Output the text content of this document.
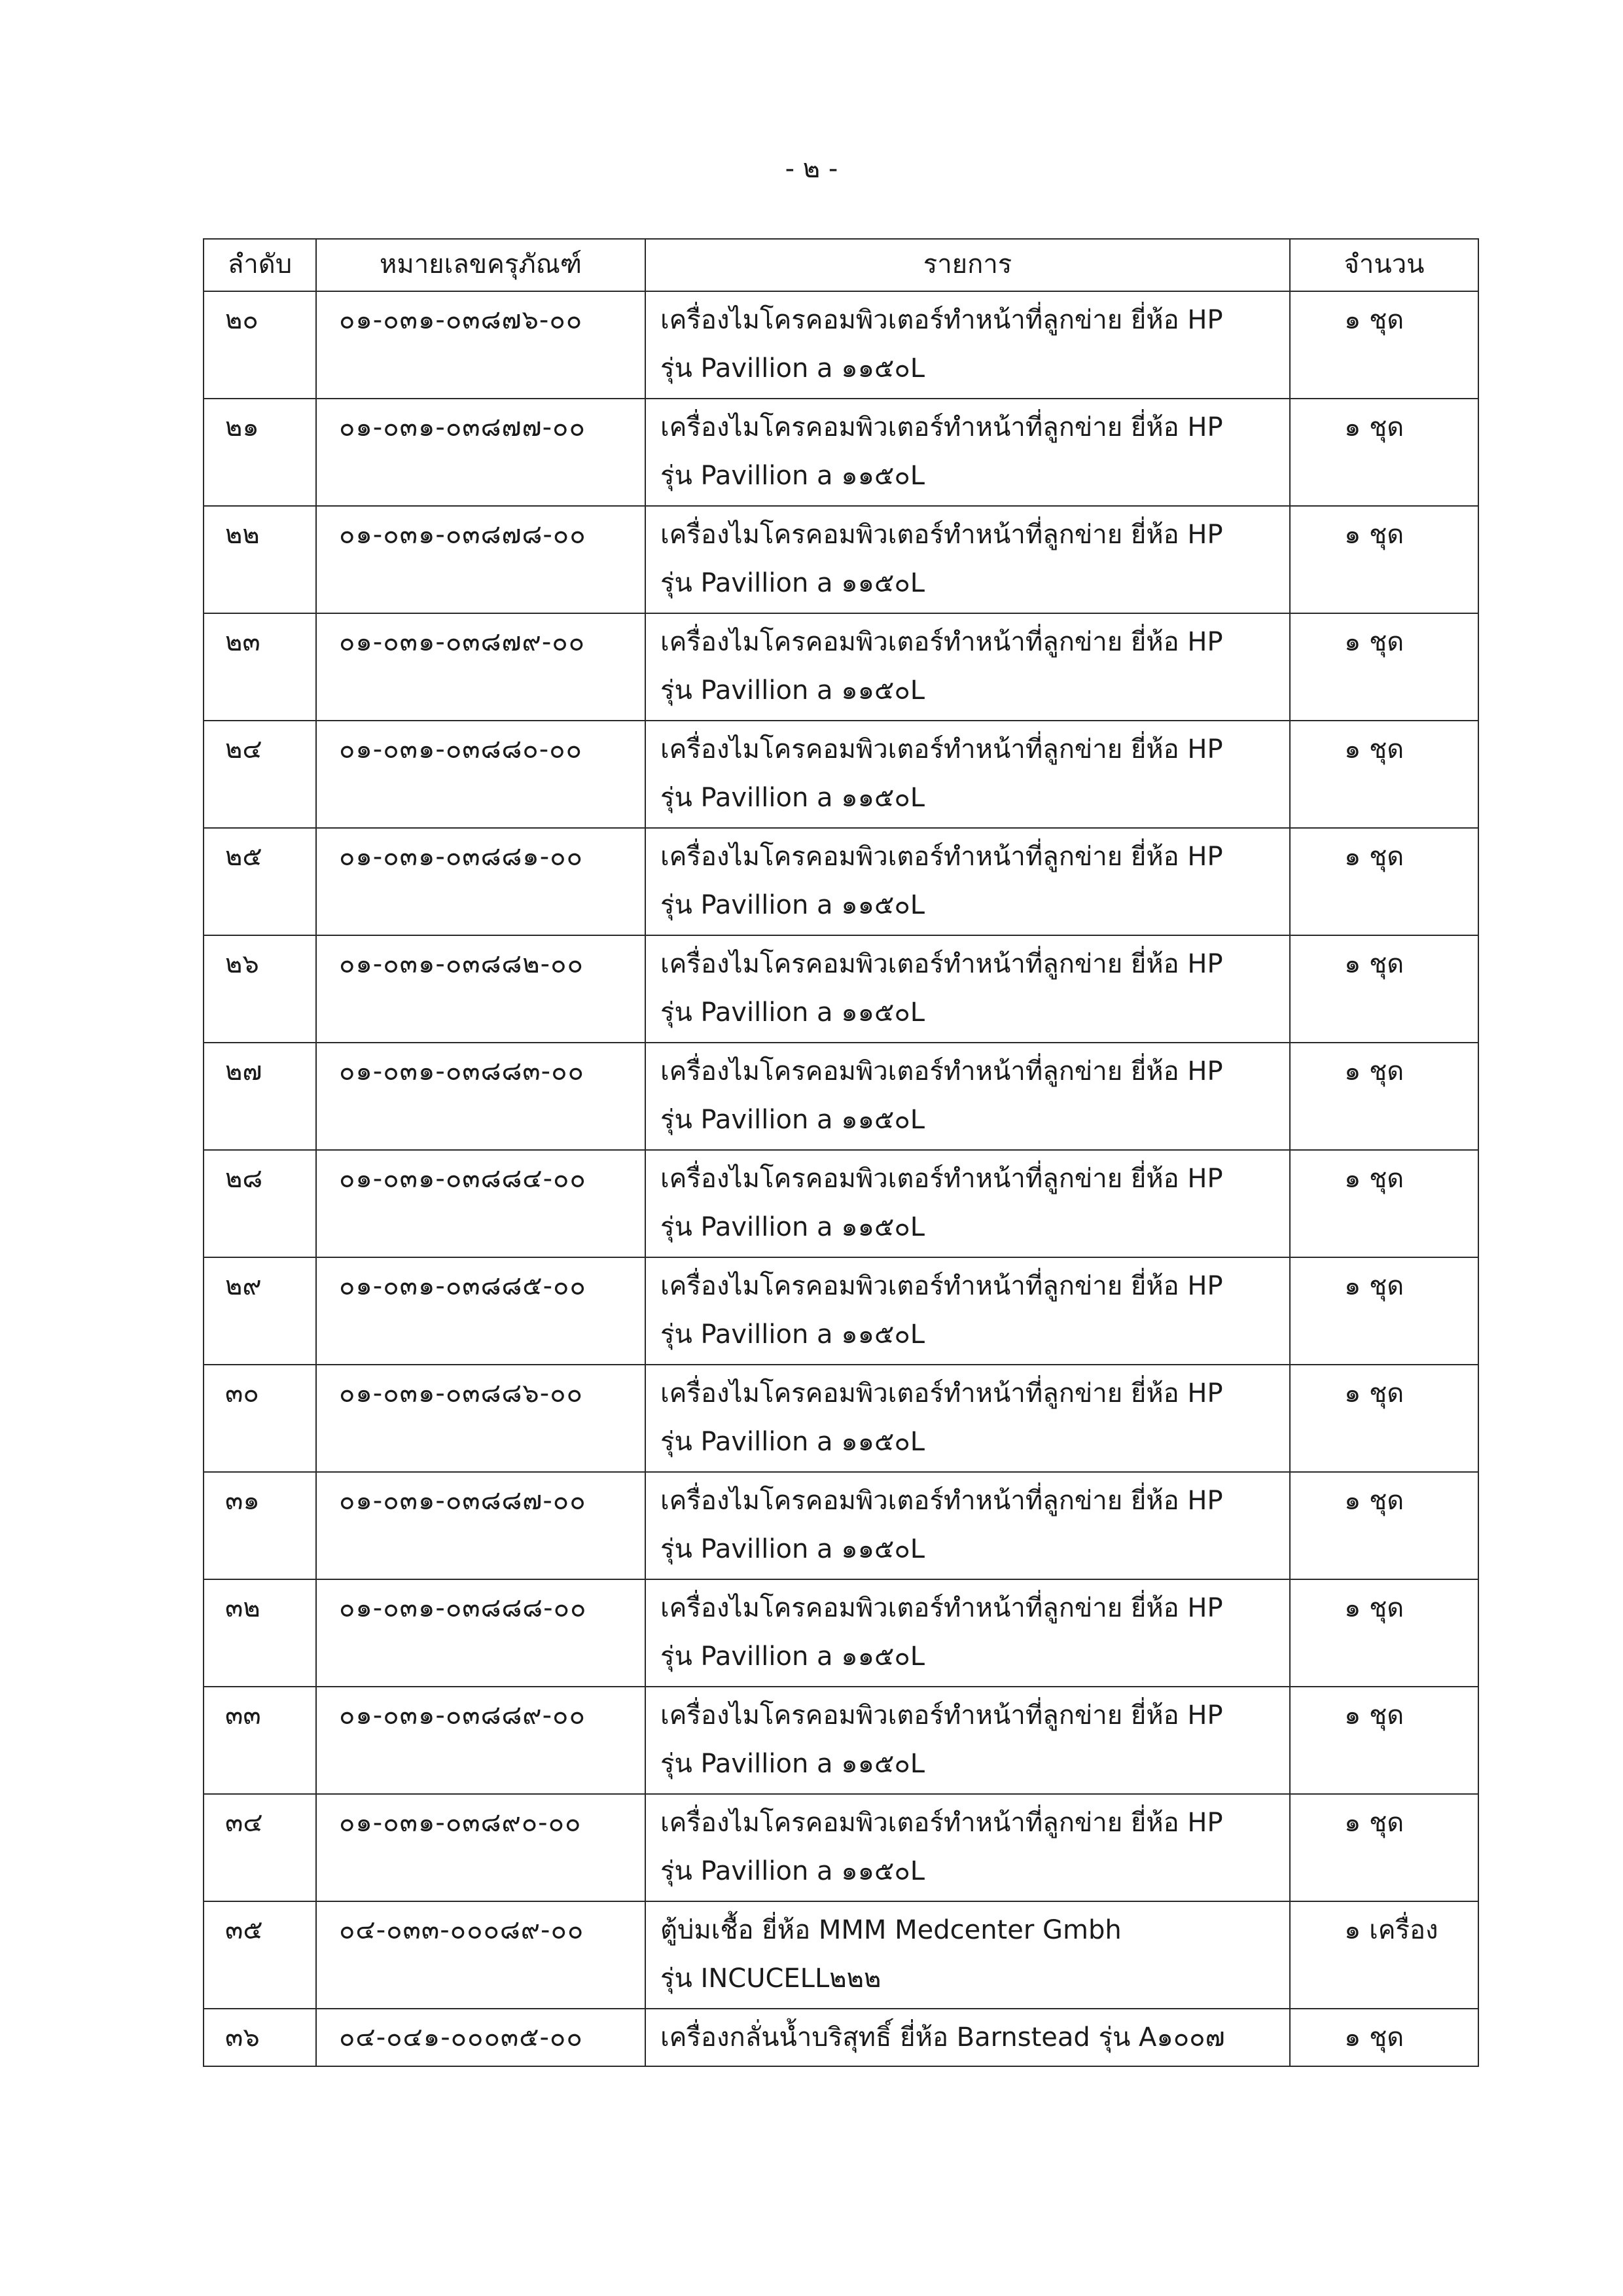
- ๒ -
ลำดับ	หมายเลขครุภัณฑ์	รายการ	จำนวน
๒๐	๐๑-๐๓๑-๐๓๘๗๖-๐๐	เครื่องไมโครคอมพิวเตอร์ทำหน้าที่ลูกข่าย ยี่ห้อ HP
รุ่น Pavillion a ๑๑๕๐L	๑ ชุด
๒๑	๐๑-๐๓๑-๐๓๘๗๗-๐๐	เครื่องไมโครคอมพิวเตอร์ทำหน้าที่ลูกข่าย ยี่ห้อ HP
รุ่น Pavillion a ๑๑๕๐L	๑ ชุด
๒๒	๐๑-๐๓๑-๐๓๘๗๘-๐๐	เครื่องไมโครคอมพิวเตอร์ทำหน้าที่ลูกข่าย ยี่ห้อ HP
รุ่น Pavillion a ๑๑๕๐L	๑ ชุด
๒๓	๐๑-๐๓๑-๐๓๘๗๙-๐๐	เครื่องไมโครคอมพิวเตอร์ทำหน้าที่ลูกข่าย ยี่ห้อ HP
รุ่น Pavillion a ๑๑๕๐L	๑ ชุด
๒๔	๐๑-๐๓๑-๐๓๘๘๐-๐๐	เครื่องไมโครคอมพิวเตอร์ทำหน้าที่ลูกข่าย ยี่ห้อ HP
รุ่น Pavillion a ๑๑๕๐L	๑ ชุด
๒๕	๐๑-๐๓๑-๐๓๘๘๑-๐๐	เครื่องไมโครคอมพิวเตอร์ทำหน้าที่ลูกข่าย ยี่ห้อ HP
รุ่น Pavillion a ๑๑๕๐L	๑ ชุด
๒๖	๐๑-๐๓๑-๐๓๘๘๒-๐๐	เครื่องไมโครคอมพิวเตอร์ทำหน้าที่ลูกข่าย ยี่ห้อ HP
รุ่น Pavillion a ๑๑๕๐L	๑ ชุด
๒๗	๐๑-๐๓๑-๐๓๘๘๓-๐๐	เครื่องไมโครคอมพิวเตอร์ทำหน้าที่ลูกข่าย ยี่ห้อ HP
รุ่น Pavillion a ๑๑๕๐L	๑ ชุด
๒๘	๐๑-๐๓๑-๐๓๘๘๔-๐๐	เครื่องไมโครคอมพิวเตอร์ทำหน้าที่ลูกข่าย ยี่ห้อ HP
รุ่น Pavillion a ๑๑๕๐L	๑ ชุด
๒๙	๐๑-๐๓๑-๐๓๘๘๕-๐๐	เครื่องไมโครคอมพิวเตอร์ทำหน้าที่ลูกข่าย ยี่ห้อ HP
รุ่น Pavillion a ๑๑๕๐L	๑ ชุด
๓๐	๐๑-๐๓๑-๐๓๘๘๖-๐๐	เครื่องไมโครคอมพิวเตอร์ทำหน้าที่ลูกข่าย ยี่ห้อ HP
รุ่น Pavillion a ๑๑๕๐L	๑ ชุด
๓๑	๐๑-๐๓๑-๐๓๘๘๗-๐๐	เครื่องไมโครคอมพิวเตอร์ทำหน้าที่ลูกข่าย ยี่ห้อ HP
รุ่น Pavillion a ๑๑๕๐L	๑ ชุด
๓๒	๐๑-๐๓๑-๐๓๘๘๘-๐๐	เครื่องไมโครคอมพิวเตอร์ทำหน้าที่ลูกข่าย ยี่ห้อ HP
รุ่น Pavillion a ๑๑๕๐L	๑ ชุด
๓๓	๐๑-๐๓๑-๐๓๘๘๙-๐๐	เครื่องไมโครคอมพิวเตอร์ทำหน้าที่ลูกข่าย ยี่ห้อ HP
รุ่น Pavillion a ๑๑๕๐L	๑ ชุด
๓๔	๐๑-๐๓๑-๐๓๘๙๐-๐๐	เครื่องไมโครคอมพิวเตอร์ทำหน้าที่ลูกข่าย ยี่ห้อ HP
รุ่น Pavillion a ๑๑๕๐L	๑ ชุด
๓๕	๐๔-๐๓๓-๐๐๐๘๙-๐๐	ตู้บ่มเชื้อ ยี่ห้อ MMM Medcenter Gmbh
รุ่น INCUCELL๒๒๒	๑ เครื่อง
๓๖	๐๔-๐๔๑-๐๐๐๓๕-๐๐	เครื่องกลั่นน้ำบริสุทธิ์ ยี่ห้อ Barnstead รุ่น A๑๐๐๗	๑ ชุด
